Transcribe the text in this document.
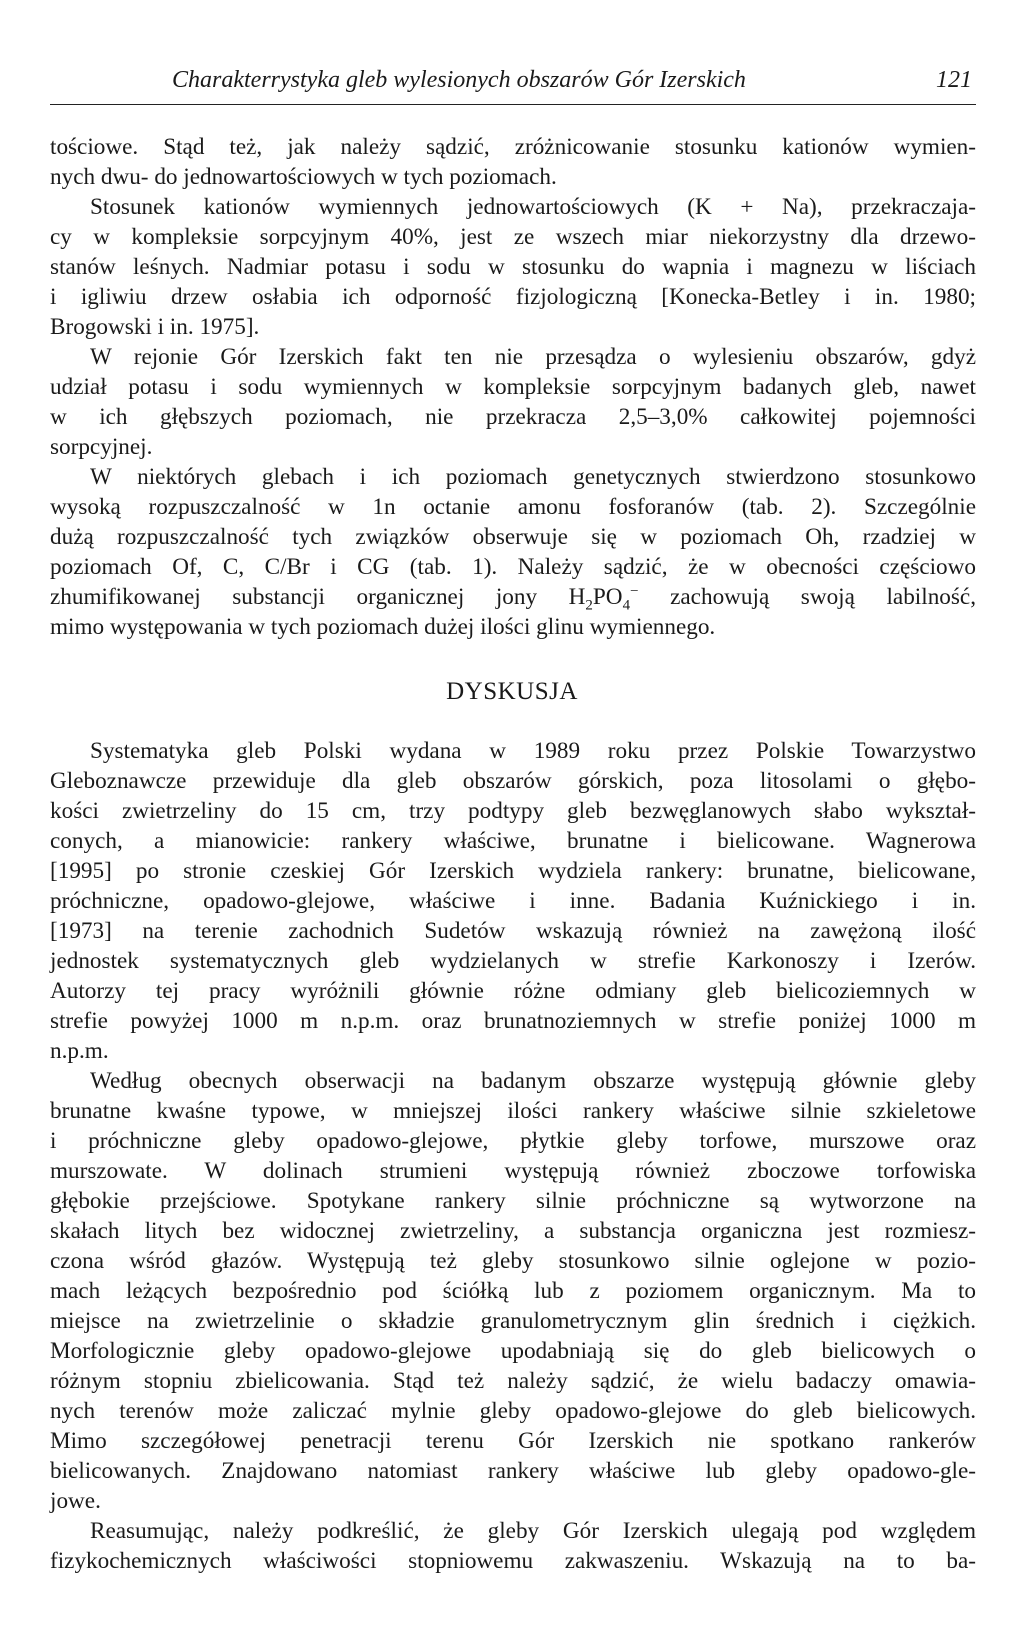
Charakterrystyka gleb wylesionych obszarów Gór Izerskich	121
tościowe. Stąd też, jak należy sądzić, zróżnicowanie stosunku kationów wymien-
nych dwu- do jednowartościowych w tych poziomach.
Stosunek kationów wymiennych jednowartościowych (K + Na), przekraczaja-
cy w kompleksie sorpcyjnym 40%, jest ze wszech miar niekorzystny dla drzewo-
stanów leśnych. Nadmiar potasu i sodu w stosunku do wapnia i magnezu w liściach
i igliwiu drzew osłabia ich odporność fizjologiczną [Konecka-Betley i in. 1980;
Brogowski i in. 1975].
W rejonie Gór Izerskich fakt ten nie przesądza o wylesieniu obszarów, gdyż
udział potasu i sodu wymiennych w kompleksie sorpcyjnym badanych gleb, nawet
w ich głębszych poziomach, nie przekracza 2,5–3,0% całkowitej pojemności
sorpcyjnej.
W niektórych glebach i ich poziomach genetycznych stwierdzono stosunkowo
wysoką rozpuszczalność w 1n octanie amonu fosforanów (tab. 2). Szczególnie
dużą rozpuszczalność tych związków obserwuje się w poziomach Oh, rzadziej w
poziomach Of, C, C/Br i CG (tab. 1). Należy sądzić, że w obecności częściowo
zhumifikowanej substancji organicznej jony $H_2PO_4^-$ zachowują swoją labilność,
mimo występowania w tych poziomach dużej ilości glinu wymiennego.
DYSKUSJA
Systematyka gleb Polski wydana w 1989 roku przez Polskie Towarzystwo
Gleboznawcze przewiduje dla gleb obszarów górskich, poza litosolami o głębo-
kości zwietrzeliny do 15 cm, trzy podtypy gleb bezwęglanowych słabo wykształ-
conych, a mianowicie: rankery właściwe, brunatne i bielicowane. Wagnerowa
[1995] po stronie czeskiej Gór Izerskich wydziela rankery: brunatne, bielicowane,
próchniczne, opadowo-glejowe, właściwe i inne. Badania Kuźnickiego i in.
[1973] na terenie zachodnich Sudetów wskazują również na zawężoną ilość
jednostek systematycznych gleb wydzielanych w strefie Karkonoszy i Izerów.
Autorzy tej pracy wyróżnili głównie różne odmiany gleb bielicoziemnych w
strefie powyżej 1000 m n.p.m. oraz brunatnoziemnych w strefie poniżej 1000 m
n.p.m.
Według obecnych obserwacji na badanym obszarze występują głównie gleby
brunatne kwaśne typowe, w mniejszej ilości rankery właściwe silnie szkieletowe
i próchniczne gleby opadowo-glejowe, płytkie gleby torfowe, murszowe oraz
murszowate. W dolinach strumieni występują również zboczowe torfowiska
głębokie przejściowe. Spotykane rankery silnie próchniczne są wytworzone na
skałach litych bez widocznej zwietrzeliny, a substancja organiczna jest rozmiesz-
czona wśród głazów. Występują też gleby stosunkowo silnie oglejone w pozio-
mach leżących bezpośrednio pod ściółką lub z poziomem organicznym. Ma to
miejsce na zwietrzelinie o składzie granulometrycznym glin średnich i ciężkich.
Morfologicznie gleby opadowo-glejowe upodabniają się do gleb bielicowych o
różnym stopniu zbielicowania. Stąd też należy sądzić, że wielu badaczy omawia-
nych terenów może zaliczać mylnie gleby opadowo-glejowe do gleb bielicowych.
Mimo szczegółowej penetracji terenu Gór Izerskich nie spotkano rankerów
bielicowanych. Znajdowano natomiast rankery właściwe lub gleby opadowo-gle-
jowe.
Reasumując, należy podkreślić, że gleby Gór Izerskich ulegają pod względem
fizykochemicznych właściwości stopniowemu zakwaszeniu. Wskazują na to ba-
